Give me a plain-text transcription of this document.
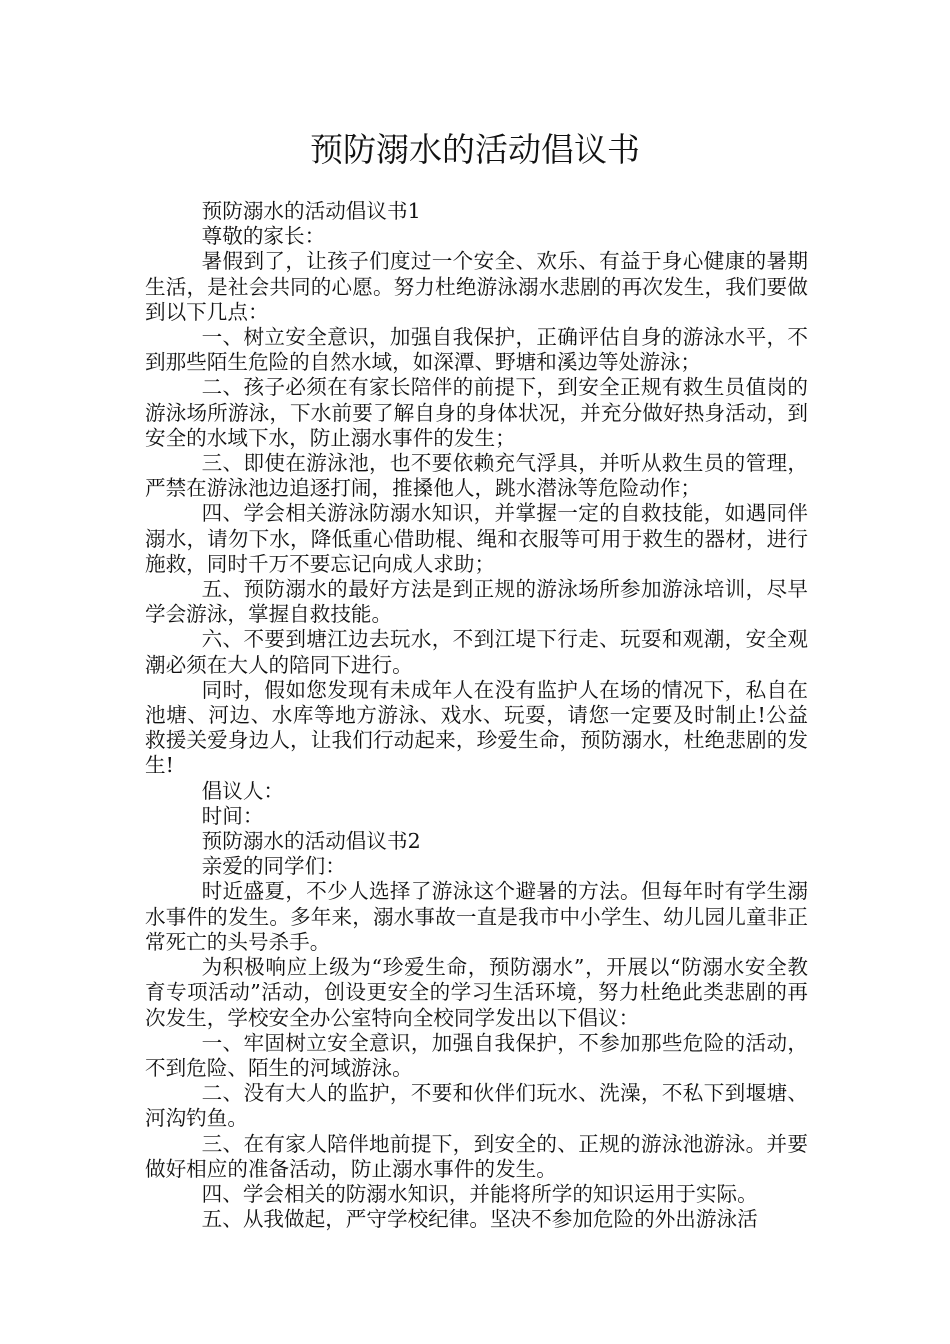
预防溺水的活动倡议书

预防溺水的活动倡议书1

尊敬的家长：

暑假到了，让孩子们度过一个安全、欢乐、有益于身心健康的暑期生活，是社会共同的心愿。努力杜绝游泳溺水悲剧的再次发生，我们要做到以下几点：

一、树立安全意识，加强自我保护，正确评估自身的游泳水平，不到那些陌生危险的自然水域，如深潭、野塘和溪边等处游泳；

二、孩子必须在有家长陪伴的前提下，到安全正规有救生员值岗的游泳场所游泳，下水前要了解自身的身体状况，并充分做好热身活动，到安全的水域下水，防止溺水事件的发生；

三、即使在游泳池，也不要依赖充气浮具，并听从救生员的管理，严禁在游泳池边追逐打闹，推搡他人，跳水潜泳等危险动作；

四、学会相关游泳防溺水知识，并掌握一定的自救技能，如遇同伴溺水，请勿下水，降低重心借助棍、绳和衣服等可用于救生的器材，进行施救，同时千万不要忘记向成人求助；

五、预防溺水的最好方法是到正规的游泳场所参加游泳培训，尽早学会游泳，掌握自救技能。

六、不要到塘江边去玩水，不到江堤下行走、玩耍和观潮，安全观潮必须在大人的陪同下进行。

同时，假如您发现有未成年人在没有监护人在场的情况下，私自在池塘、河边、水库等地方游泳、戏水、玩耍，请您一定要及时制止!公益救援关爱身边人，让我们行动起来，珍爱生命，预防溺水，杜绝悲剧的发生!

倡议人：

时间：

预防溺水的活动倡议书2

亲爱的同学们：

时近盛夏，不少人选择了游泳这个避暑的方法。但每年时有学生溺水事件的发生。多年来，溺水事故一直是我市中小学生、幼儿园儿童非正常死亡的头号杀手。

为积极响应上级为“珍爱生命，预防溺水”，开展以“防溺水安全教育专项活动”活动，创设更安全的学习生活环境，努力杜绝此类悲剧的再次发生，学校安全办公室特向全校同学发出以下倡议：

一、牢固树立安全意识，加强自我保护，不参加那些危险的活动，不到危险、陌生的河域游泳。

二、没有大人的监护，不要和伙伴们玩水、洗澡，不私下到堰塘、河沟钓鱼。

三、在有家人陪伴地前提下，到安全的、正规的游泳池游泳。并要做好相应的准备活动，防止溺水事件的发生。

四、学会相关的防溺水知识，并能将所学的知识运用于实际。

五、从我做起，严守学校纪律。坚决不参加危险的外出游泳活
